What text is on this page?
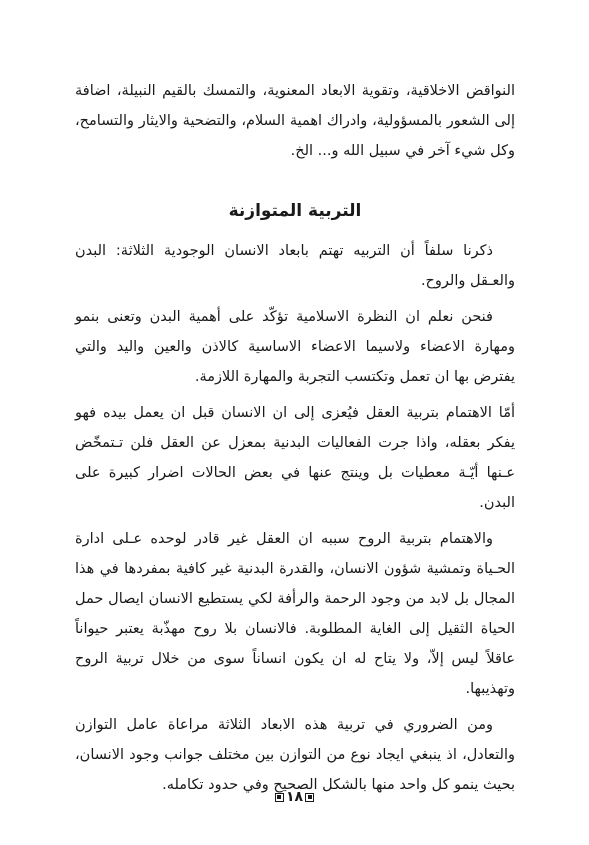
النواقض الاخلاقية، وتقوية الابعاد المعنوية، والتمسك بالقيم النبيلة، اضافة إلى الشعور بالمسؤولية، وادراك اهمية السلام، والتضحية والايثار والتسامح، وكل شيء آخر في سبيل الله و... الخ.

التربية المتوازنة

ذكرنا سلفاً أن التربيه تهتم بابعاد الانسان الوجودية الثلاثة: البدن والعـقل والروح.

فنحن نعلم ان النظرة الاسلامية تؤكّد على أهمية البدن وتعنى بنمو ومهارة الاعضاء ولاسيما الاعضاء الاساسية كالاذن والعين واليد والتي يفترض بها ان تعمل وتكتسب التجربة والمهارة اللازمة.

أمّا الاهتمام بتربية العقل فيُعزى إلى ان الانسان قبل ان يعمل بيده فهو يفكر بعقله، واذا جرت الفعاليات البدنية بمعزل عن العقل فلن تـتمخّض عـنها أيّـة معطيات بل وينتج عنها في بعض الحالات اضرار كبيرة على البدن.

والاهتمام بتربية الروح سببه ان العقل غير قادر لوحده عـلى ادارة الحـياة وتمشية شؤون الانسان، والقدرة البدنية غير كافية بمفردها في هذا المجال بل لابد من وجود الرحمة والرأفة لكي يستطيع الانسان ايصال حمل الحياة الثقيل إلى الغاية المطلوبة. فالانسان بلا روح مهذّبة يعتبر حيواناً عاقلاً ليس إلاّ، ولا يتاح له ان يكون انساناً سوى من خلال تربية الروح وتهذيبها.

ومن الضروري في تربية هذه الابعاد الثلاثة مراعاة عامل التوازن والتعادل، اذ ينبغي ايجاد نوع من التوازن بين مختلف جوانب وجود الانسان، بحيث ينمو كل واحد منها بالشكل الصحيح وفي حدود تكامله.

١٨
